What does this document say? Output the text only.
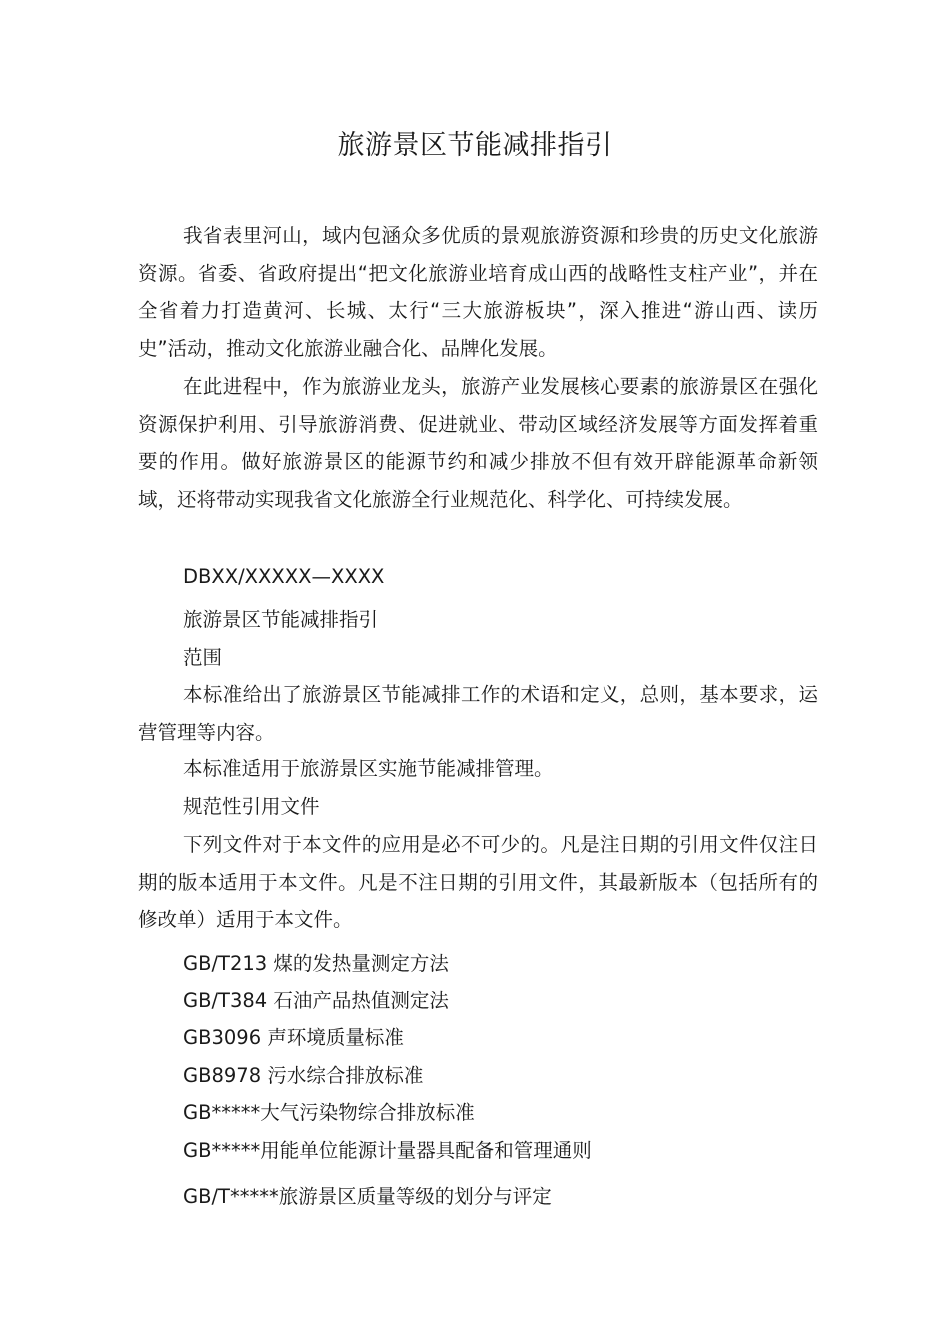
旅游景区节能减排指引

我省表里河山，域内包涵众多优质的景观旅游资源和珍贵的历史文化旅游资源。省委、省政府提出“把文化旅游业培育成山西的战略性支柱产业”，并在全省着力打造黄河、长城、太行“三大旅游板块”，深入推进“游山西、读历史”活动，推动文化旅游业融合化、品牌化发展。

在此进程中，作为旅游业龙头，旅游产业发展核心要素的旅游景区在强化资源保护利用、引导旅游消费、促进就业、带动区域经济发展等方面发挥着重要的作用。做好旅游景区的能源节约和减少排放不但有效开辟能源革命新领域，还将带动实现我省文化旅游全行业规范化、科学化、可持续发展。

DBXX/XXXXX—XXXX

旅游景区节能减排指引

范围

本标准给出了旅游景区节能减排工作的术语和定义，总则，基本要求，运营管理等内容。

本标准适用于旅游景区实施节能减排管理。

规范性引用文件

下列文件对于本文件的应用是必不可少的。凡是注日期的引用文件仅注日期的版本适用于本文件。凡是不注日期的引用文件，其最新版本（包括所有的修改单）适用于本文件。

GB/T213 煤的发热量测定方法

GB/T384 石油产品热值测定法

GB3096 声环境质量标准

GB8978 污水综合排放标准

GB*****大气污染物综合排放标准

GB*****用能单位能源计量器具配备和管理通则

GB/T*****旅游景区质量等级的划分与评定
